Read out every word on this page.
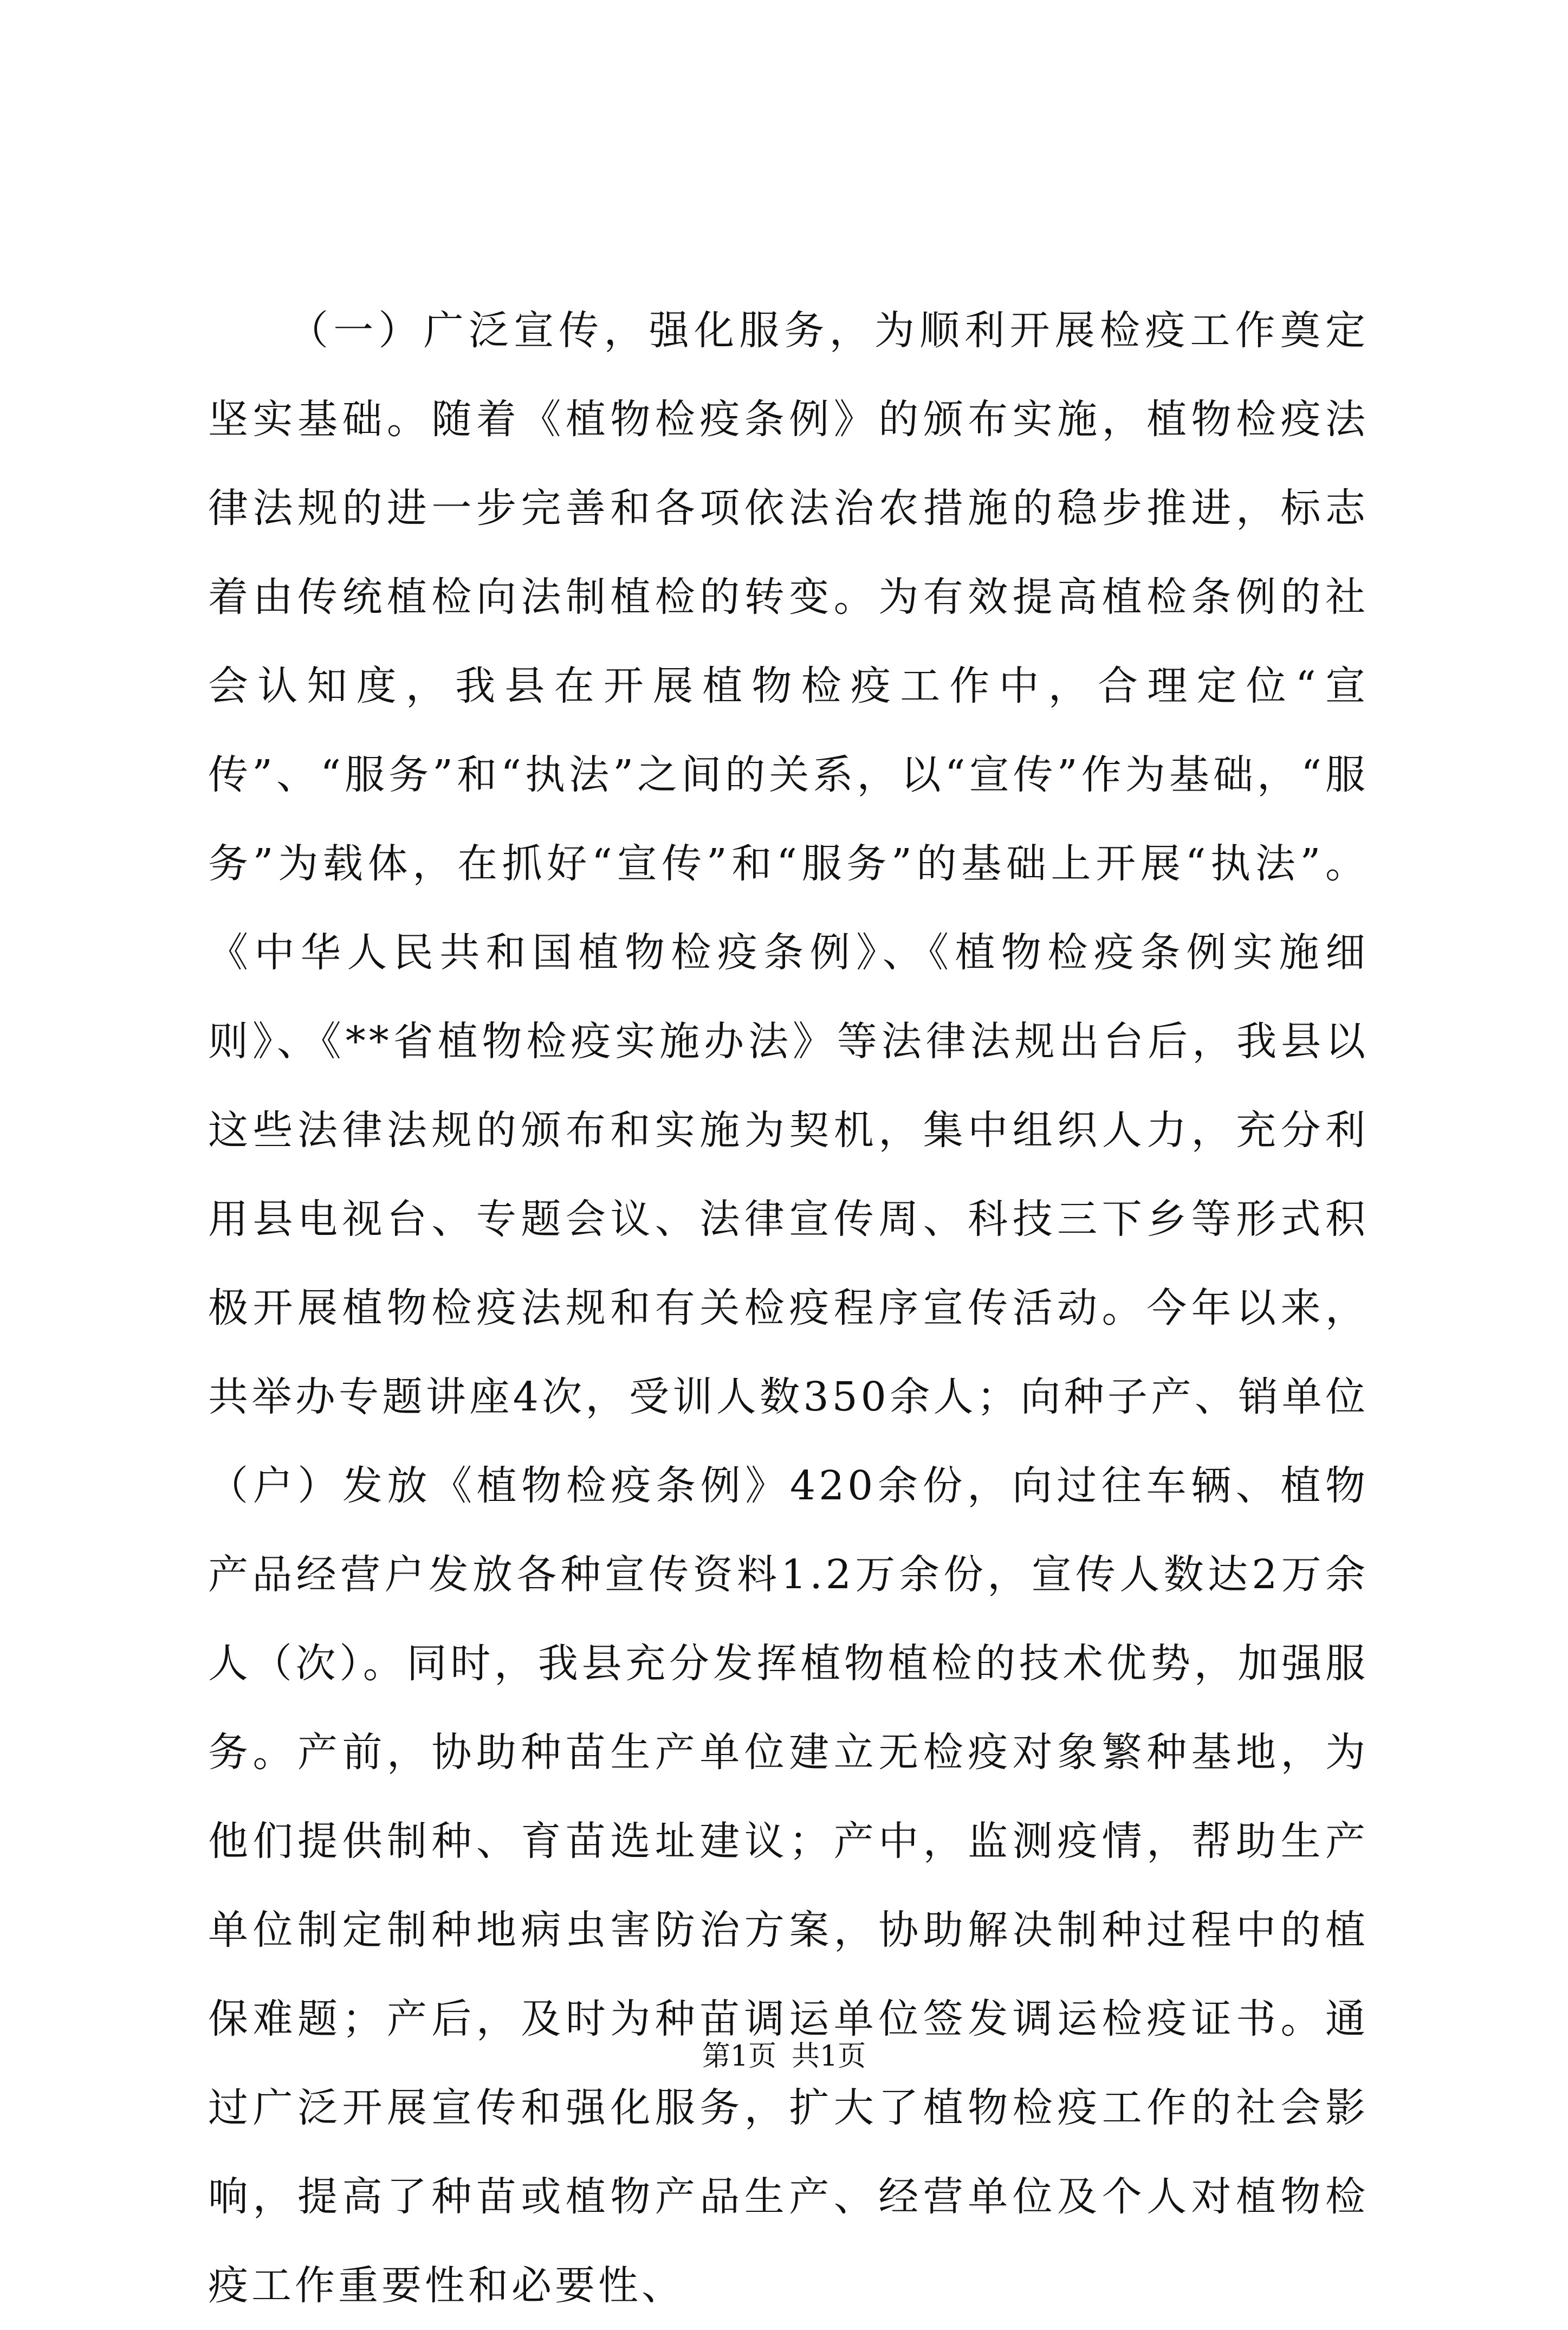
（一）广泛宣传，强化服务，为顺利开展检疫工作奠定坚实基础。随着《植物检疫条例》的颁布实施，植物检疫法律法规的进一步完善和各项依法治农措施的稳步推进，标志着由传统植检向法制植检的转变。为有效提高植检条例的社会认知度，我县在开展植物检疫工作中，合理定位“宣传”、“服务”和“执法”之间的关系，以“宣传”作为基础，“服务”为载体，在抓好“宣传”和“服务”的基础上开展“执法”。《中华人民共和国植物检疫条例》、《植物检疫条例实施细则》、《**省植物检疫实施办法》等法律法规出台后，我县以这些法律法规的颁布和实施为契机，集中组织人力，充分利用县电视台、专题会议、法律宣传周、科技三下乡等形式积极开展植物检疫法规和有关检疫程序宣传活动。今年以来，共举办专题讲座4次，受训人数350余人；向种子产、销单位（户）发放《植物检疫条例》420余份，向过往车辆、植物产品经营户发放各种宣传资料1.2万余份，宣传人数达2万余人（次）。同时，我县充分发挥植物植检的技术优势，加强服务。产前，协助种苗生产单位建立无检疫对象繁种基地，为他们提供制种、育苗选址建议；产中，监测疫情，帮助生产单位制定制种地病虫害防治方案，协助解决制种过程中的植保难题；产后，及时为种苗调运单位签发调运检疫证书。通过广泛开展宣传和强化服务，扩大了植物检疫工作的社会影响，提高了种苗或植物产品生产、经营单位及个人对植物检疫工作重要性和必要性、

第1页 共1页
